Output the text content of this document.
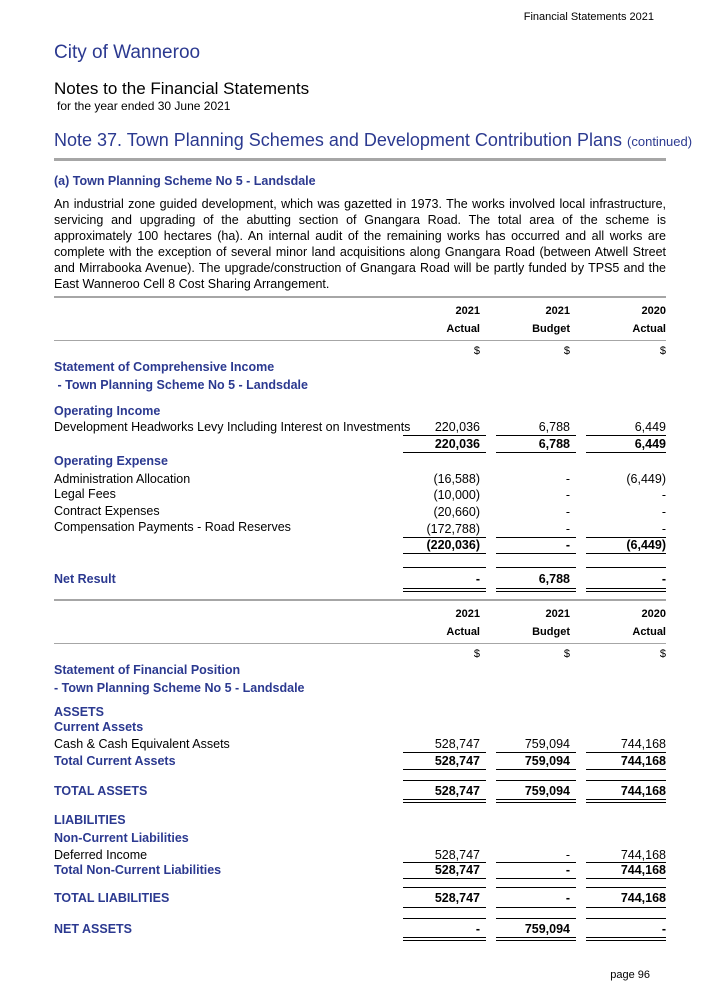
Financial Statements 2021
City of Wanneroo
Notes to the Financial Statements
for the year ended 30 June 2021
Note 37. Town Planning Schemes and Development Contribution Plans (continued)
(a) Town Planning Scheme No 5 - Landsdale
An industrial zone guided development, which was gazetted in 1973. The works involved local infrastructure, servicing and upgrading of the abutting section of Gnangara Road. The total area of the scheme is approximately 100 hectares (ha). An internal audit of the remaining works has occurred and all works are complete with the exception of several minor land acquisitions along Gnangara Road (between Atwell Street and Mirrabooka Avenue). The upgrade/construction of Gnangara Road will be partly funded by TPS5 and the East Wanneroo Cell 8 Cost Sharing Arrangement.
2021	2021	2020
Actual	Budget	Actual
$	$	$
Statement of Comprehensive Income
- Town Planning Scheme No 5 - Landsdale
Operating Income
Development Headworks Levy Including Interest on Investments 220,036	6,788	6,449
220,036	6,788	6,449
Operating Expense
Administration Allocation	(16,588)	-	(6,449)
Legal Fees	(10,000)	-	-
Contract Expenses	(20,660)	-	-
Compensation Payments - Road Reserves	(172,788)	-	-
(220,036)	-	(6,449)
Net Result	-	6,788	-
2021	2021	2020
Actual	Budget	Actual
$	$	$
Statement of Financial Position
- Town Planning Scheme No 5 - Landsdale
ASSETS
Current Assets
Cash & Cash Equivalent Assets	528,747	759,094	744,168
Total Current Assets	528,747	759,094	744,168
TOTAL ASSETS	528,747	759,094	744,168
LIABILITIES
Non-Current Liabilities
Deferred Income	528,747	-	744,168
Total Non-Current Liabilities	528,747	-	744,168
TOTAL LIABILITIES	528,747	-	744,168
NET ASSETS	-	759,094	-
page 96
